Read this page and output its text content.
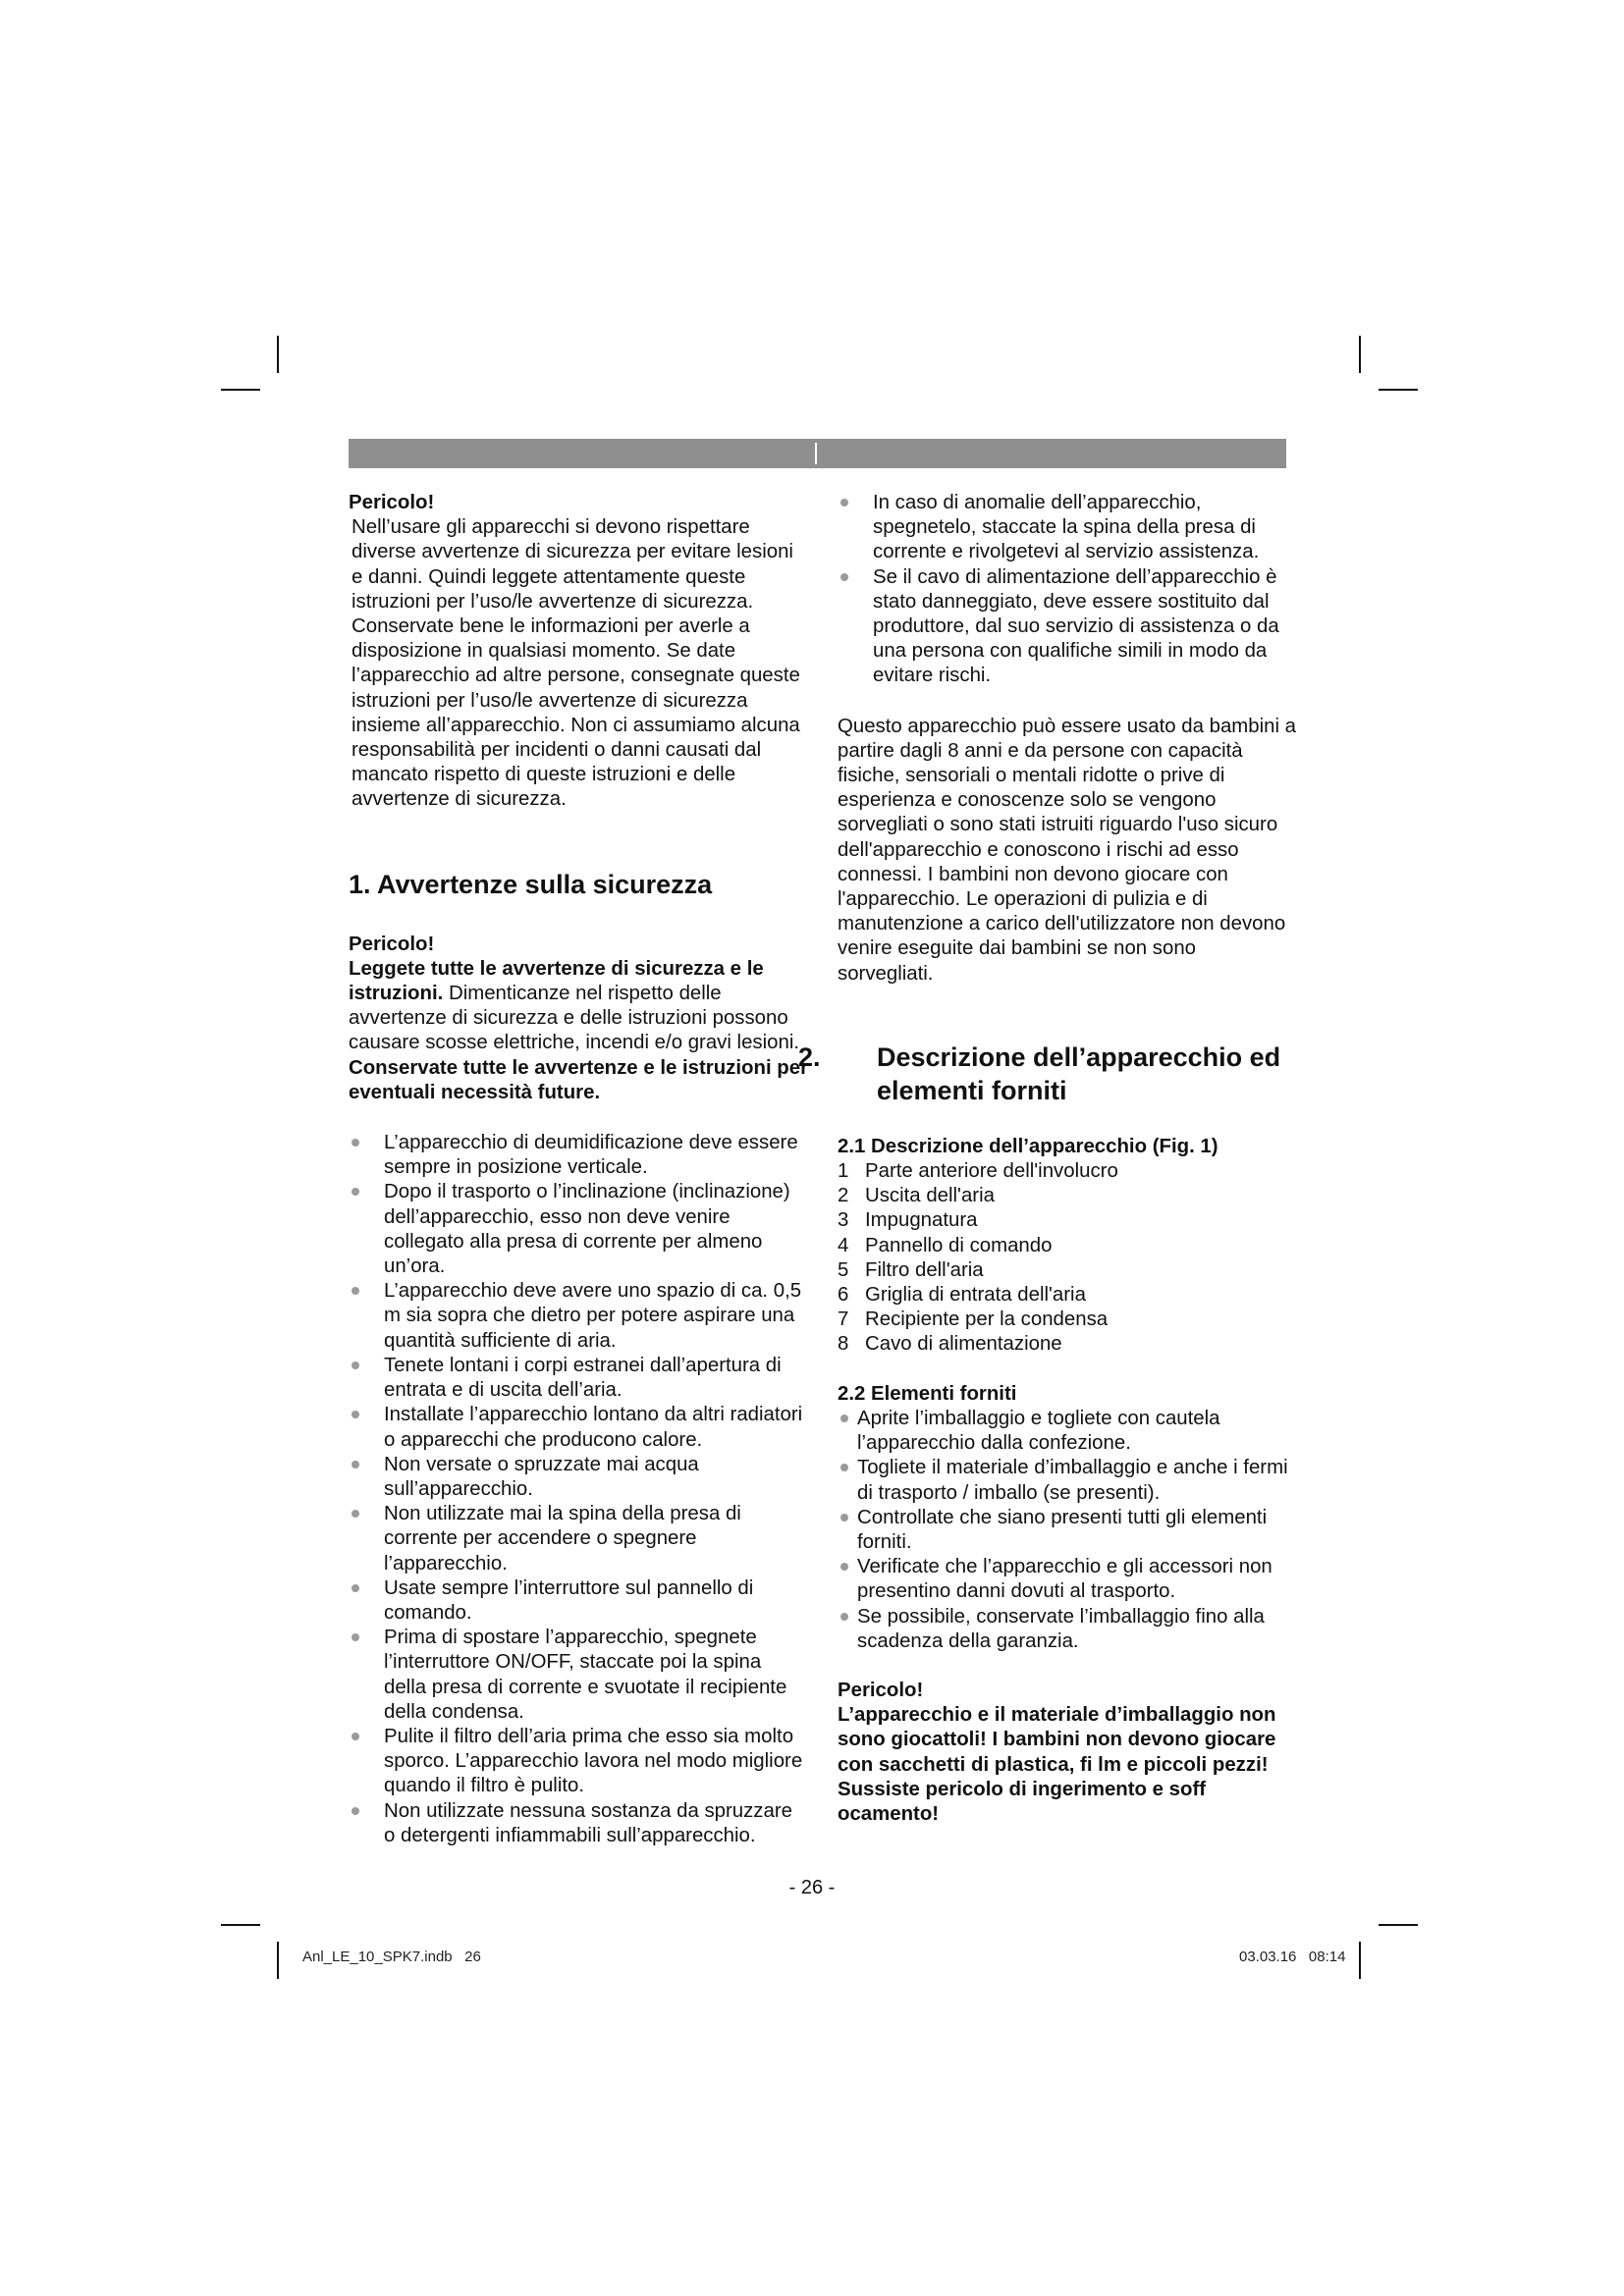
Pericolo!

Nell’usare gli apparecchi si devono rispettare diverse avvertenze di sicurezza per evitare lesioni e danni. Quindi leggete attentamente queste istruzioni per l’uso/le avvertenze di sicurezza. Conservate bene le informazioni per averle a disposizione in qualsiasi momento. Se date l’apparecchio ad altre persone, consegnate queste istruzioni per l’uso/le avvertenze di sicurezza insieme all’apparecchio. Non ci assumiamo alcuna responsabilità per incidenti o danni causati dal mancato rispetto di queste istruzioni e delle avvertenze di sicurezza.

1. Avvertenze sulla sicurezza

Pericolo!

Leggete tutte le avvertenze di sicurezza e le istruzioni. Dimenticanze nel rispetto delle avvertenze di sicurezza e delle istruzioni possono causare scosse elettriche, incendi e/o gravi lesioni.

Conservate tutte le avvertenze e le istruzioni per eventuali necessità future.

L’apparecchio di deumidificazione deve essere sempre in posizione verticale.
Dopo il trasporto o l’inclinazione (inclinazione) dell’apparecchio, esso non deve venire collegato alla presa di corrente per almeno un’ora.
L’apparecchio deve avere uno spazio di ca. 0,5 m sia sopra che dietro per potere aspirare una quantità sufficiente di aria.
Tenete lontani i corpi estranei dall’apertura di entrata e di uscita dell’aria.
Installate l’apparecchio lontano da altri radiatori o apparecchi che producono calore.
Non versate o spruzzate mai acqua sull’apparecchio.
Non utilizzate mai la spina della presa di corrente per accendere o spegnere l’apparecchio.
Usate sempre l’interruttore sul pannello di comando.
Prima di spostare l’apparecchio, spegnete l’interruttore ON/OFF, staccate poi la spina della presa di corrente e svuotate il recipiente della condensa.
Pulite il filtro dell’aria prima che esso sia molto sporco. L’apparecchio lavora nel modo migliore quando il filtro è pulito.
Non utilizzate nessuna sostanza da spruzzare o detergenti infiammabili sull’apparecchio.
In caso di anomalie dell’apparecchio, spegnetelo, staccate la spina della presa di corrente e rivolgetevi al servizio assistenza.
Se il cavo di alimentazione dell’apparecchio è stato danneggiato, deve essere sostituito dal produttore, dal suo servizio di assistenza o da una persona con qualifiche simili in modo da evitare rischi.

Questo apparecchio può essere usato da bambini a partire dagli 8 anni e da persone con capacità fisiche, sensoriali o mentali ridotte o prive di esperienza e conoscenze solo se vengono sorvegliati o sono stati istruiti riguardo l'uso sicuro dell'apparecchio e conoscono i rischi ad esso connessi. I bambini non devono giocare con l'apparecchio. Le operazioni di pulizia e di manutenzione a carico dell'utilizzatore non devono venire eseguite dai bambini se non sono sorvegliati.

2. Descrizione dell’apparecchio ed elementi forniti

2.1 Descrizione dell’apparecchio (Fig. 1)

1 Parte anteriore dell'involucro
2 Uscita dell'aria
3 Impugnatura
4 Pannello di comando
5 Filtro dell'aria
6 Griglia di entrata dell'aria
7 Recipiente per la condensa
8 Cavo di alimentazione

2.2 Elementi forniti

Aprite l’imballaggio e togliete con cautela l’apparecchio dalla confezione.
Togliete il materiale d’imballaggio e anche i fermi di trasporto / imballo (se presenti).
Controllate che siano presenti tutti gli elementi forniti.
Verificate che l’apparecchio e gli accessori non presentino danni dovuti al trasporto.
Se possibile, conservate l’imballaggio fino alla scadenza della garanzia.

Pericolo!

L’apparecchio e il materiale d’imballaggio non sono giocattoli! I bambini non devono giocare con sacchetti di plastica, fi lm e piccoli pezzi! Sussiste pericolo di ingerimento e soff ocamento!

- 26 -
Anl_LE_10_SPK7.indb   26	03.03.16   08:14
